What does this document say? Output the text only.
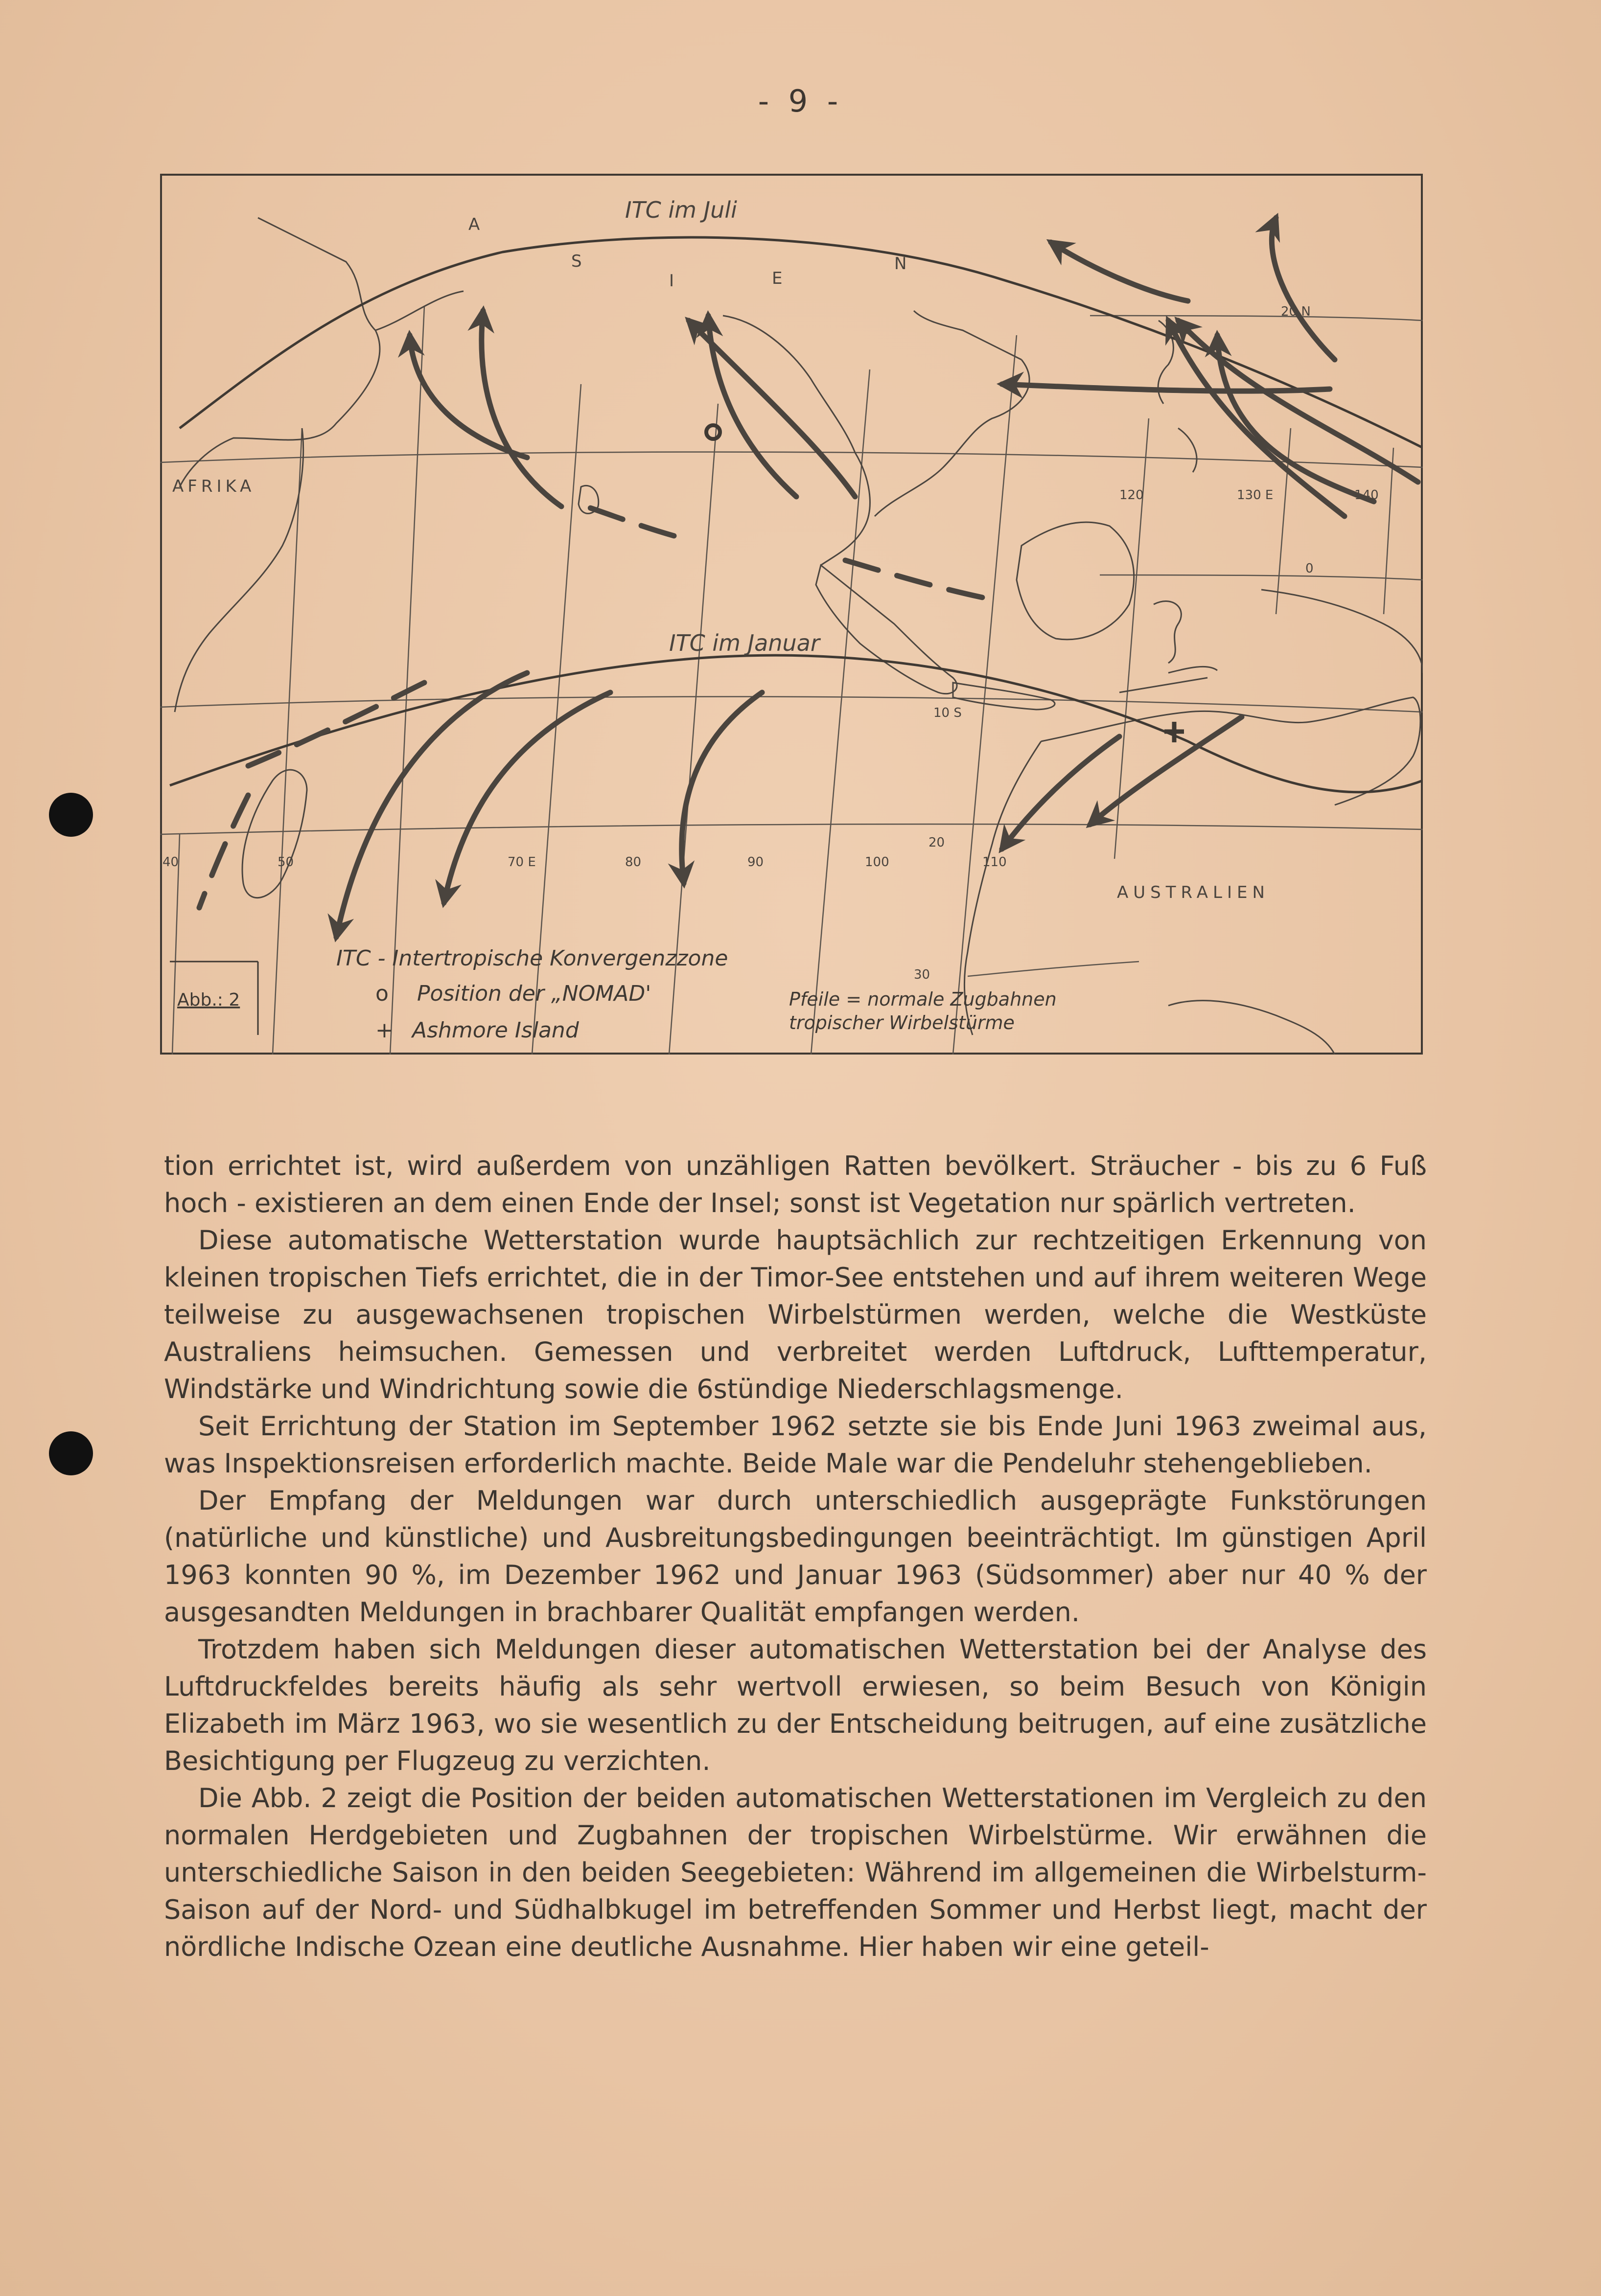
- 9 -
A
S
I	E
N
AFRIKA
AUSTRALIEN
ITC im Juli
ITC im Januar
20 N
0
10 S
20
30
40	50	70 E	80	90	100	110
120	130 E	140
Abb.: 2
ITC - Intertropische Konvergenzzone
o Position der „NOMAD'
+ Ashmore Island
Pfeile = normale Zugbahnen
tropischer Wirbelstürme

tion errichtet ist, wird außerdem von unzähligen Ratten bevölkert. Sträucher - bis zu 6 Fuß hoch - existieren an dem einen Ende der Insel; sonst ist Vegetation nur spärlich vertreten.

Diese automatische Wetterstation wurde hauptsächlich zur rechtzeitigen Erkennung von kleinen tropischen Tiefs errichtet, die in der Timor-See entstehen und auf ihrem weiteren Wege teilweise zu ausgewachsenen tropischen Wirbelstürmen werden, welche die Westküste Australiens heimsuchen. Gemessen und verbreitet werden Luftdruck, Lufttemperatur, Windstärke und Windrichtung sowie die 6stündige Niederschlagsmenge.

Seit Errichtung der Station im September 1962 setzte sie bis Ende Juni 1963 zweimal aus, was Inspektionsreisen erforderlich machte. Beide Male war die Pendeluhr stehengeblieben.

Der Empfang der Meldungen war durch unterschiedlich ausgeprägte Funkstörungen (natürliche und künstliche) und Ausbreitungsbedingungen beeinträchtigt. Im günstigen April 1963 konnten 90 %, im Dezember 1962 und Januar 1963 (Südsommer) aber nur 40 % der ausgesandten Meldungen in brachbarer Qualität empfangen werden.

Trotzdem haben sich Meldungen dieser automatischen Wetterstation bei der Analyse des Luftdruckfeldes bereits häufig als sehr wertvoll erwiesen, so beim Besuch von Königin Elizabeth im März 1963, wo sie wesentlich zu der Entscheidung beitrugen, auf eine zusätzliche Besichtigung per Flugzeug zu verzichten.

Die Abb. 2 zeigt die Position der beiden automatischen Wetterstationen im Vergleich zu den normalen Herdgebieten und Zugbahnen der tropischen Wirbelstürme. Wir erwähnen die unterschiedliche Saison in den beiden Seegebieten: Während im allgemeinen die Wirbelsturm-Saison auf der Nord- und Südhalbkugel im betreffenden Sommer und Herbst liegt, macht der nördliche Indische Ozean eine deutliche Ausnahme. Hier haben wir eine geteil-
